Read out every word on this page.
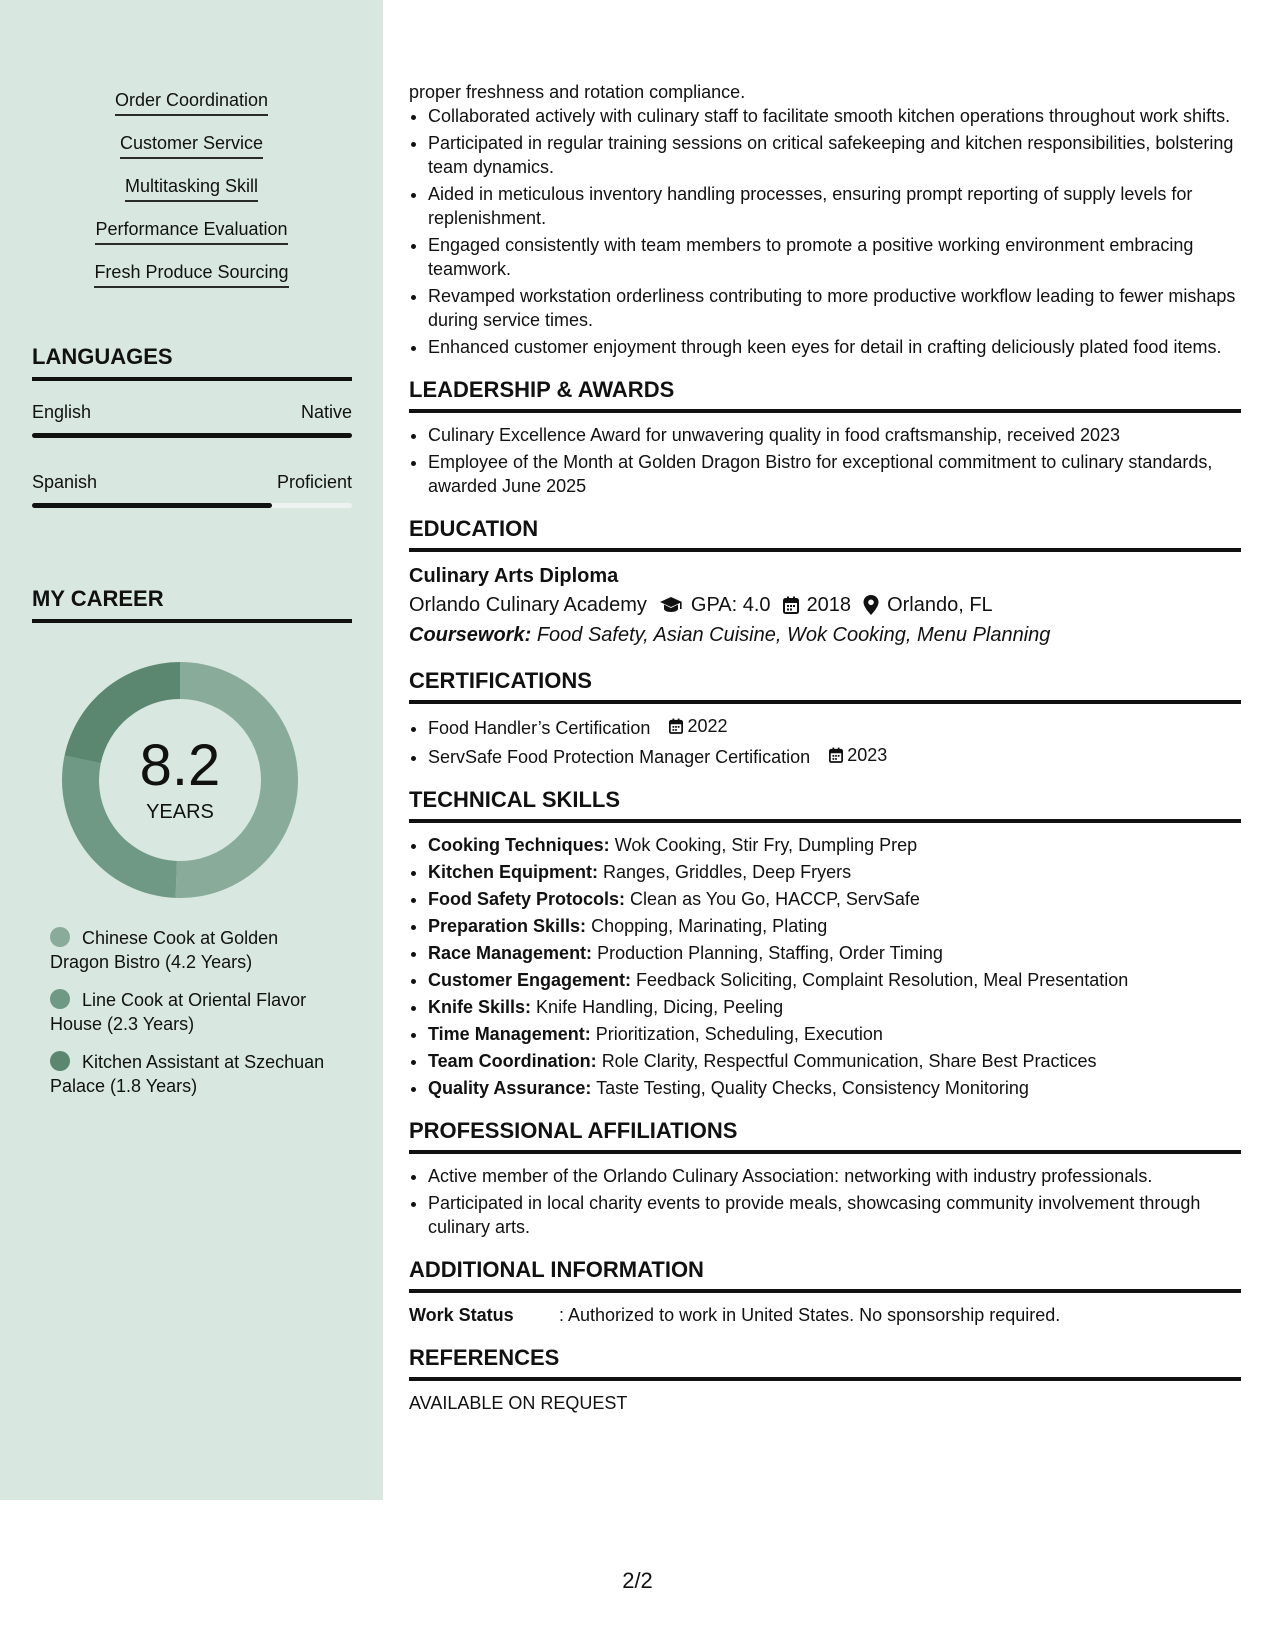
Order Coordination
Customer Service
Multitasking Skill
Performance Evaluation
Fresh Produce Sourcing
LANGUAGES
English	Native
Spanish	Proficient
MY CAREER
8.2
YEARS
Chinese Cook at Golden Dragon Bistro (4.2 Years)
Line Cook at Oriental Flavor House (2.3 Years)
Kitchen Assistant at Szechuan Palace (1.8 Years)

proper freshness and rotation compliance.

• Collaborated actively with culinary staff to facilitate smooth kitchen operations throughout work shifts.
• Participated in regular training sessions on critical safekeeping and kitchen responsibilities, bolstering team dynamics.
• Aided in meticulous inventory handling processes, ensuring prompt reporting of supply levels for replenishment.
• Engaged consistently with team members to promote a positive working environment embracing teamwork.
• Revamped workstation orderliness contributing to more productive workflow leading to fewer mishaps during service times.
• Enhanced customer enjoyment through keen eyes for detail in crafting deliciously plated food items.
LEADERSHIP & AWARDS
• Culinary Excellence Award for unwavering quality in food craftsmanship, received 2023
• Employee of the Month at Golden Dragon Bistro for exceptional commitment to culinary standards, awarded June 2025
EDUCATION
Culinary Arts Diploma
Orlando Culinary Academy GPA: 4.0 2018 Orlando, FL
Coursework: Food Safety, Asian Cuisine, Wok Cooking, Menu Planning
CERTIFICATIONS
• Food Handler’s Certification 2022
• ServSafe Food Protection Manager Certification 2023
TECHNICAL SKILLS
• Cooking Techniques: Wok Cooking, Stir Fry, Dumpling Prep
• Kitchen Equipment: Ranges, Griddles, Deep Fryers
• Food Safety Protocols: Clean as You Go, HACCP, ServSafe
• Preparation Skills: Chopping, Marinating, Plating
• Race Management: Production Planning, Staffing, Order Timing
• Customer Engagement: Feedback Soliciting, Complaint Resolution, Meal Presentation
• Knife Skills: Knife Handling, Dicing, Peeling
• Time Management: Prioritization, Scheduling, Execution
• Team Coordination: Role Clarity, Respectful Communication, Share Best Practices
• Quality Assurance: Taste Testing, Quality Checks, Consistency Monitoring
PROFESSIONAL AFFILIATIONS
• Active member of the Orlando Culinary Association: networking with industry professionals.
• Participated in local charity events to provide meals, showcasing community involvement through culinary arts.
ADDITIONAL INFORMATION
Work Status	: Authorized to work in United States. No sponsorship required.
REFERENCES

AVAILABLE ON REQUEST

2/2
